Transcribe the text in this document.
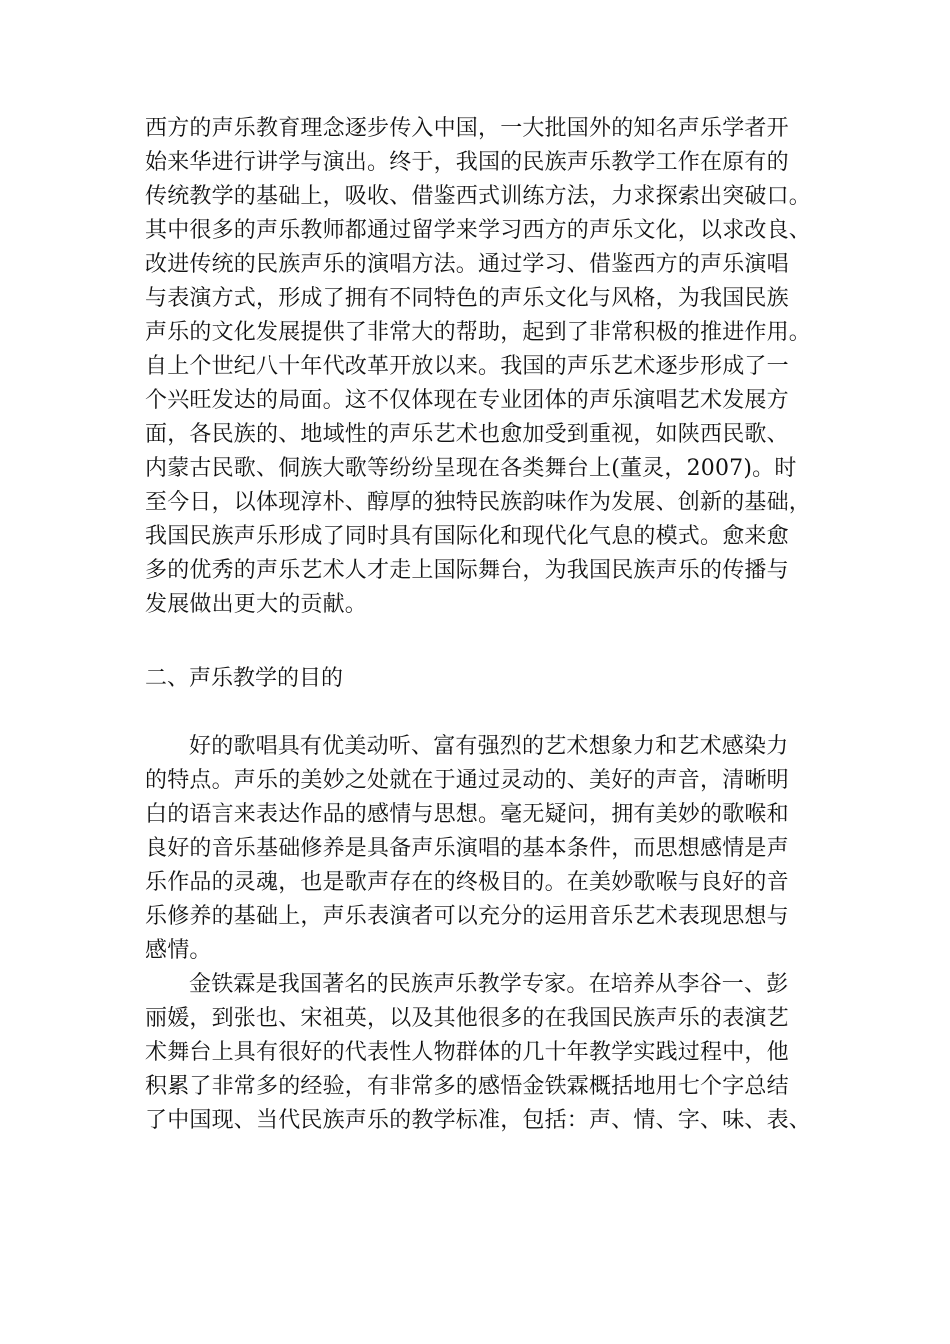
西方的声乐教育理念逐步传入中国，一大批国外的知名声乐学者开
始来华进行讲学与演出。终于，我国的民族声乐教学工作在原有的
传统教学的基础上，吸收、借鉴西式训练方法，力求探索出突破口。
其中很多的声乐教师都通过留学来学习西方的声乐文化，以求改良、
改进传统的民族声乐的演唱方法。通过学习、借鉴西方的声乐演唱
与表演方式，形成了拥有不同特色的声乐文化与风格，为我国民族
声乐的文化发展提供了非常大的帮助，起到了非常积极的推进作用。
自上个世纪八十年代改革开放以来。我国的声乐艺术逐步形成了一
个兴旺发达的局面。这不仅体现在专业团体的声乐演唱艺术发展方
面，各民族的、地域性的声乐艺术也愈加受到重视，如陕西民歌、
内蒙古民歌、侗族大歌等纷纷呈现在各类舞台上(董灵，2007)。时
至今日，以体现淳朴、醇厚的独特民族韵味作为发展、创新的基础，
我国民族声乐形成了同时具有国际化和现代化气息的模式。愈来愈
多的优秀的声乐艺术人才走上国际舞台，为我国民族声乐的传播与
发展做出更大的贡献。
二、声乐教学的目的
好的歌唱具有优美动听、富有强烈的艺术想象力和艺术感染力
的特点。声乐的美妙之处就在于通过灵动的、美好的声音，清晰明
白的语言来表达作品的感情与思想。毫无疑问，拥有美妙的歌喉和
良好的音乐基础修养是具备声乐演唱的基本条件，而思想感情是声
乐作品的灵魂，也是歌声存在的终极目的。在美妙歌喉与良好的音
乐修养的基础上，声乐表演者可以充分的运用音乐艺术表现思想与
感情。
金铁霖是我国著名的民族声乐教学专家。在培养从李谷一、彭
丽媛，到张也、宋祖英，以及其他很多的在我国民族声乐的表演艺
术舞台上具有很好的代表性人物群体的几十年教学实践过程中，他
积累了非常多的经验，有非常多的感悟金铁霖概括地用七个字总结
了中国现、当代民族声乐的教学标准，包括：声、情、字、味、表、
